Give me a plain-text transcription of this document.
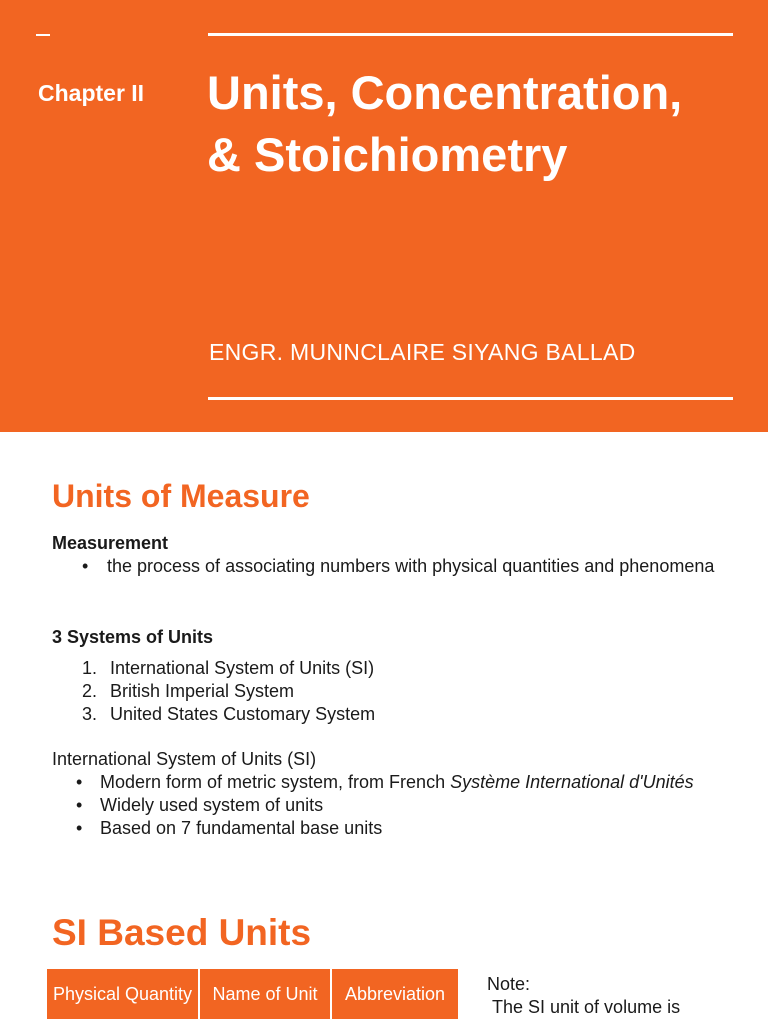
Chapter II Units, Concentration,
& Stoichiometry
ENGR. MUNNCLAIRE SIYANG BALLAD
Units of Measure
Measurement
• the process of associating numbers with physical quantities and phenomena
3 Systems of Units
1. International System of Units (SI)
2. British Imperial System
3. United States Customary System
International System of Units (SI)
• Modern form of metric system, from French Système International d'Unités
• Widely used system of units
• Based on 7 fundamental base units
SI Based Units
Physical Quantity	Name of Unit	Abbreviation Note:
The SI unit of volume is
